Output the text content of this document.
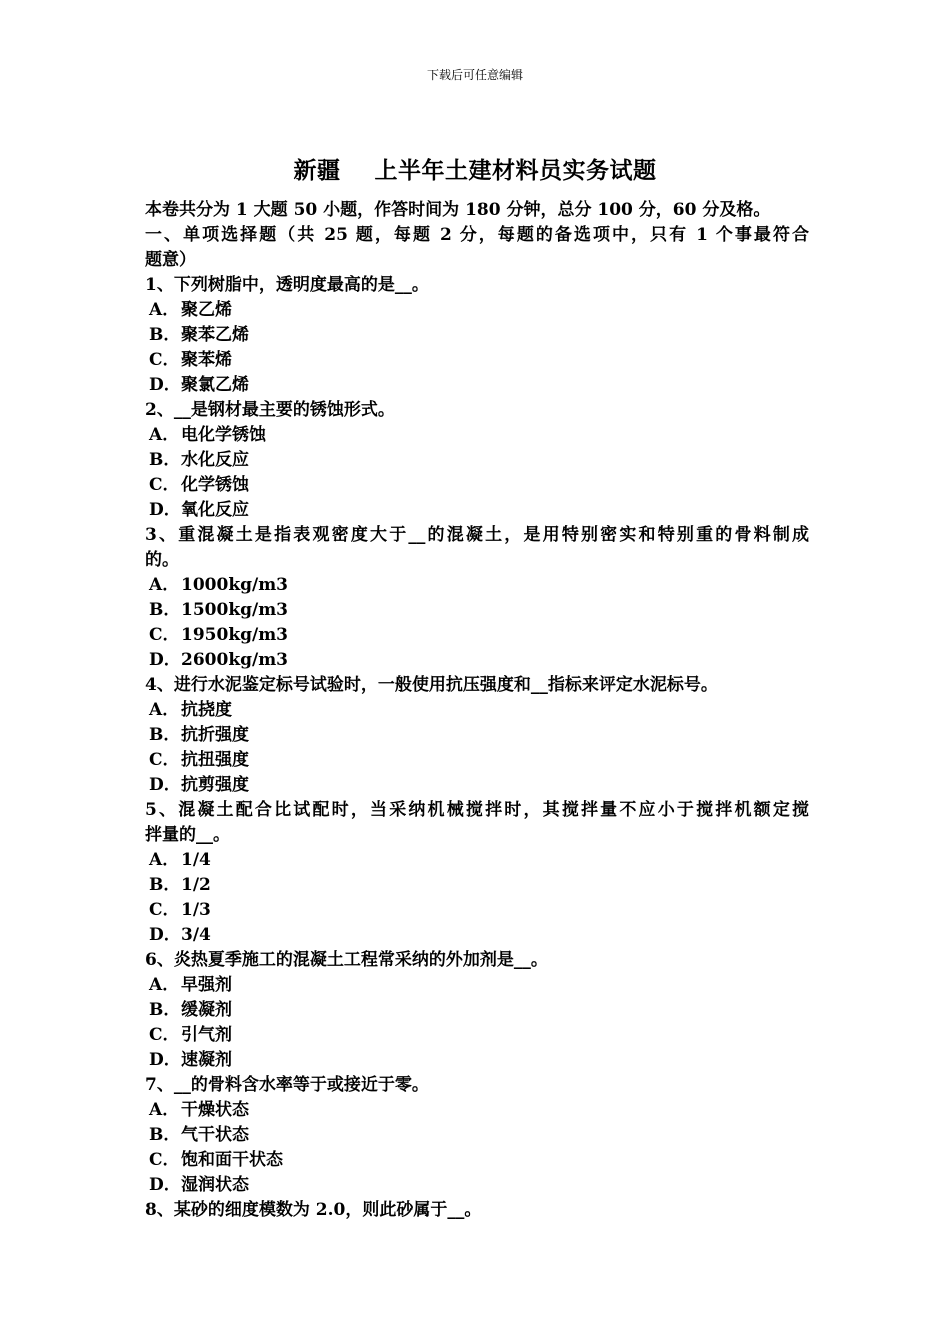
下载后可任意编辑
新疆    上半年土建材料员实务试题
本卷共分为 1 大题 50 小题，作答时间为 180 分钟，总分 100 分，60 分及格。
一、单项选择题（共 25 题，每题 2 分，每题的备选项中，只有 1 个事最符合
题意）
1、下列树脂中，透明度最高的是__。
A． 聚乙烯
B． 聚苯乙烯
C． 聚苯烯
D． 聚氯乙烯
2、__是钢材最主要的锈蚀形式。
A． 电化学锈蚀
B． 水化反应
C． 化学锈蚀
D． 氧化反应
3、重混凝土是指表观密度大于__的混凝土，是用特别密实和特别重的骨料制成
的。
A． 1000kg/m3
B． 1500kg/m3
C． 1950kg/m3
D． 2600kg/m3
4、进行水泥鉴定标号试验时，一般使用抗压强度和__指标来评定水泥标号。
A． 抗挠度
B． 抗折强度
C． 抗扭强度
D． 抗剪强度
5、混凝土配合比试配时，当采纳机械搅拌时，其搅拌量不应小于搅拌机额定搅
拌量的__。
A． 1/4
B． 1/2
C． 1/3
D． 3/4
6、炎热夏季施工的混凝土工程常采纳的外加剂是__。
A． 早强剂
B． 缓凝剂
C． 引气剂
D． 速凝剂
7、__的骨料含水率等于或接近于零。
A． 干燥状态
B． 气干状态
C． 饱和面干状态
D． 湿润状态
8、某砂的细度模数为 2.0，则此砂属于__。
